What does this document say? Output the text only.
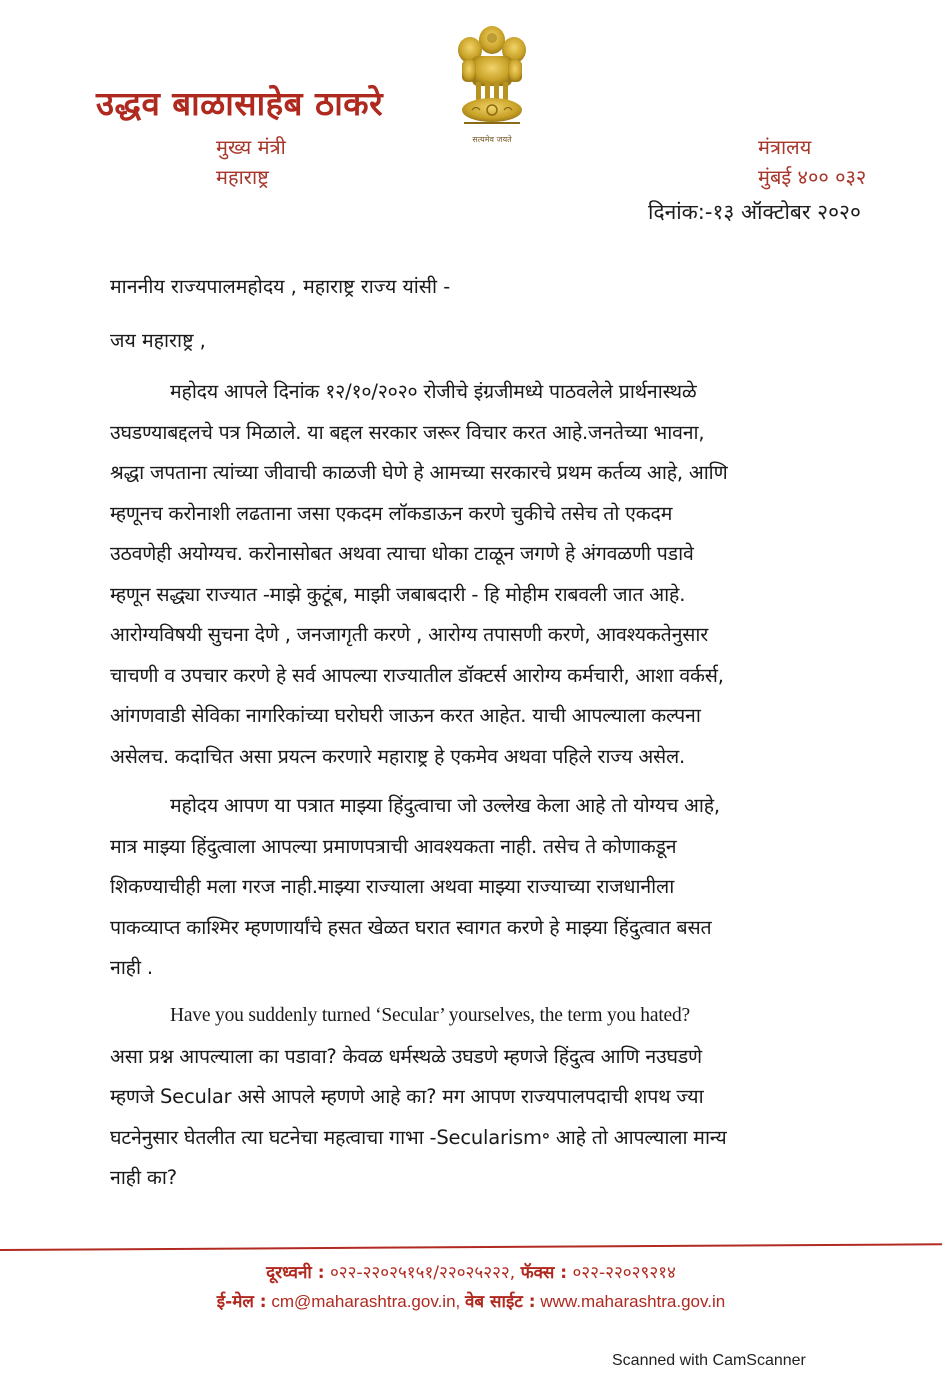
उद्धव बाळासाहेब ठाकरे
मुख्य मंत्री
महाराष्ट्र
सत्यमेव जयते	मंत्रालय
मुंबई ४०० ०३२
दिनांक:-१३ ऑक्टोबर २०२०
माननीय राज्यपालमहोदय , महाराष्ट्र राज्य यांसी -
जय महाराष्ट्र ,
महोदय आपले दिनांक १२/१०/२०२० रोजीचे इंग्रजीमध्ये पाठवलेले प्रार्थनास्थळे
उघडण्याबद्दलचे पत्र मिळाले. या बद्दल सरकार जरूर विचार करत आहे.जनतेच्या भावना,
श्रद्धा जपताना त्यांच्या जीवाची काळजी घेणे हे आमच्या सरकारचे प्रथम कर्तव्य आहे, आणि
म्हणूनच करोनाशी लढताना जसा एकदम लॉकडाऊन करणे चुकीचे तसेच तो एकदम
उठवणेही अयोग्यच. करोनासोबत अथवा त्याचा धोका टाळून जगणे हे अंगवळणी पडावे
म्हणून सद्ध्या राज्यात -माझे कुटूंब, माझी जबाबदारी - हि मोहीम राबवली जात आहे.
आरोग्यविषयी सुचना देणे , जनजागृती करणे , आरोग्य तपासणी करणे, आवश्यकतेनुसार
चाचणी व उपचार करणे हे सर्व आपल्या राज्यातील डॉक्टर्स आरोग्य कर्मचारी, आशा वर्कर्स,
आंगणवाडी सेविका नागरिकांच्या घरोघरी जाऊन करत आहेत. याची आपल्याला कल्पना
असेलच. कदाचित असा प्रयत्न करणारे महाराष्ट्र हे एकमेव अथवा पहिले राज्य असेल.
महोदय आपण या पत्रात माझ्या हिंदुत्वाचा जो उल्लेख केला आहे तो योग्यच आहे,
मात्र माझ्या हिंदुत्वाला आपल्या प्रमाणपत्राची आवश्यकता नाही. तसेच ते कोणाकडून
शिकण्याचीही मला गरज नाही.माझ्या राज्याला अथवा माझ्या राज्याच्या राजधानीला
पाकव्याप्त काश्मिर म्हणणार्यांचे हसत खेळत घरात स्वागत करणे हे माझ्या हिंदुत्वात बसत
नाही .
Have you suddenly turned ‘Secular’ yourselves, the term you hated?
असा प्रश्न आपल्याला का पडावा? केवळ धर्मस्थळे उघडणे म्हणजे हिंदुत्व आणि नउघडणे
म्हणजे Secular असे आपले म्हणणे आहे का? मग आपण राज्यपालपदाची शपथ ज्या
घटनेनुसार घेतलीत त्या घटनेचा महत्वाचा गाभा -Secularism॰ आहे तो आपल्याला मान्य
नाही का?
दूरध्वनी : ०२२-२२०२५१५१/२२०२५२२२, फॅक्स : ०२२-२२०२९२१४
ई-मेल : cm@maharashtra.gov.in, वेब साईट : www.maharashtra.gov.in
Scanned with CamScanner
